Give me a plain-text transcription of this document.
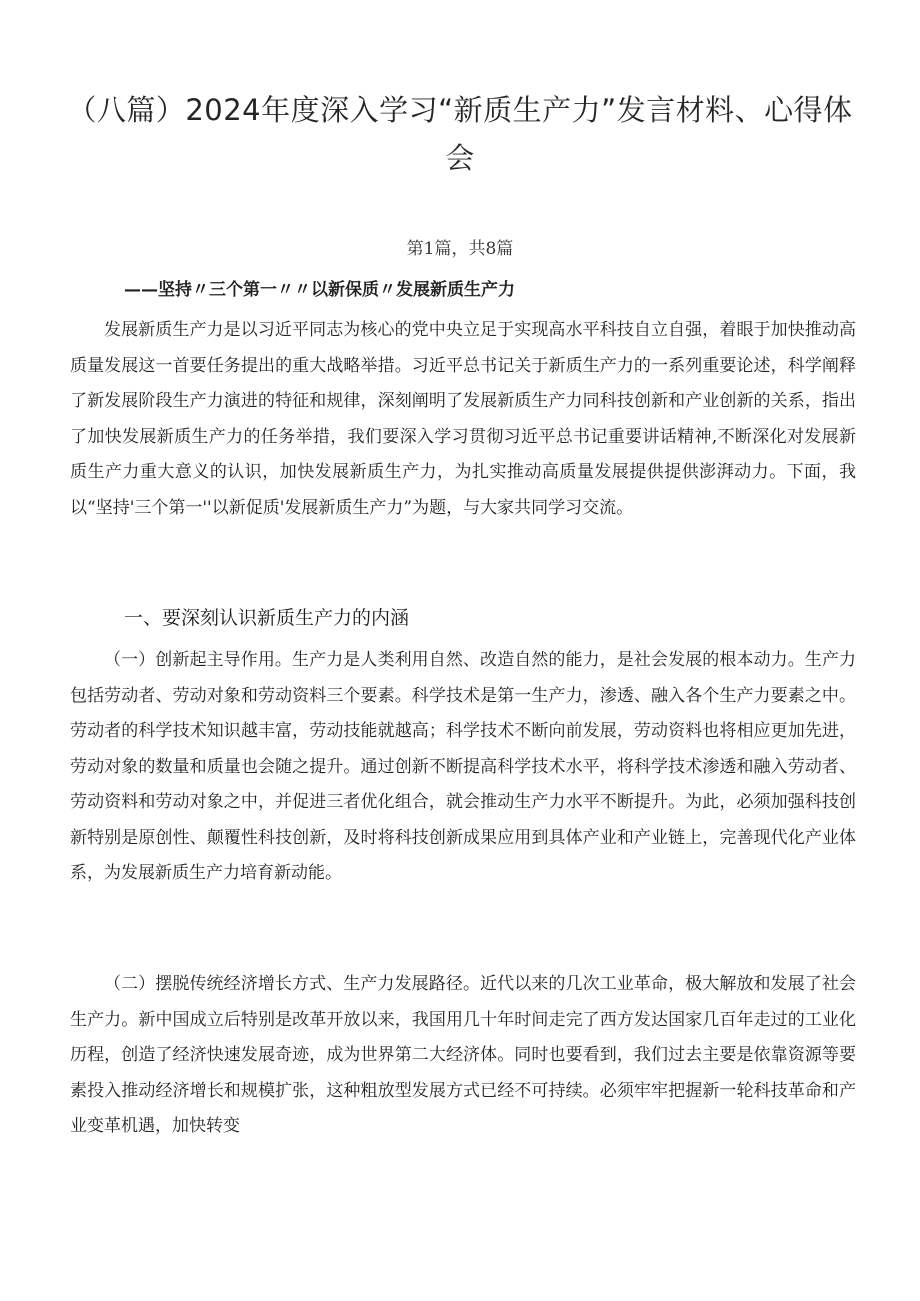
（八篇）2024年度深入学习“新质生产力”发言材料、心得体会
第1篇，共8篇
——坚持〃三个第一〃〃以新保质〃发展新质生产力
发展新质生产力是以习近平同志为核心的党中央立足于实现高水平科技自立自强，着眼于加快推动高质量发展这一首要任务提出的重大战略举措。习近平总书记关于新质生产力的一系列重要论述，科学阐释了新发展阶段生产力演进的特征和规律，深刻阐明了发展新质生产力同科技创新和产业创新的关系，指出了加快发展新质生产力的任务举措，我们要深入学习贯彻习近平总书记重要讲话精神,不断深化对发展新质生产力重大意义的认识，加快发展新质生产力，为扎实推动高质量发展提供提供澎湃动力。下面，我以“坚持'三个第一''以新促质'发展新质生产力”为题，与大家共同学习交流。
一、要深刻认识新质生产力的内涵
（一）创新起主导作用。生产力是人类利用自然、改造自然的能力，是社会发展的根本动力。生产力包括劳动者、劳动对象和劳动资料三个要素。科学技术是第一生产力，渗透、融入各个生产力要素之中。劳动者的科学技术知识越丰富，劳动技能就越高；科学技术不断向前发展，劳动资料也将相应更加先进，劳动对象的数量和质量也会随之提升。通过创新不断提高科学技术水平，将科学技术渗透和融入劳动者、劳动资料和劳动对象之中，并促进三者优化组合，就会推动生产力水平不断提升。为此，必须加强科技创新特别是原创性、颠覆性科技创新，及时将科技创新成果应用到具体产业和产业链上，完善现代化产业体系，为发展新质生产力培育新动能。
（二）摆脱传统经济增长方式、生产力发展路径。近代以来的几次工业革命，极大解放和发展了社会生产力。新中国成立后特别是改革开放以来，我国用几十年时间走完了西方发达国家几百年走过的工业化历程，创造了经济快速发展奇迹，成为世界第二大经济体。同时也要看到，我们过去主要是依靠资源等要素投入推动经济增长和规模扩张，这种粗放型发展方式已经不可持续。必须牢牢把握新一轮科技革命和产业变革机遇，加快转变
